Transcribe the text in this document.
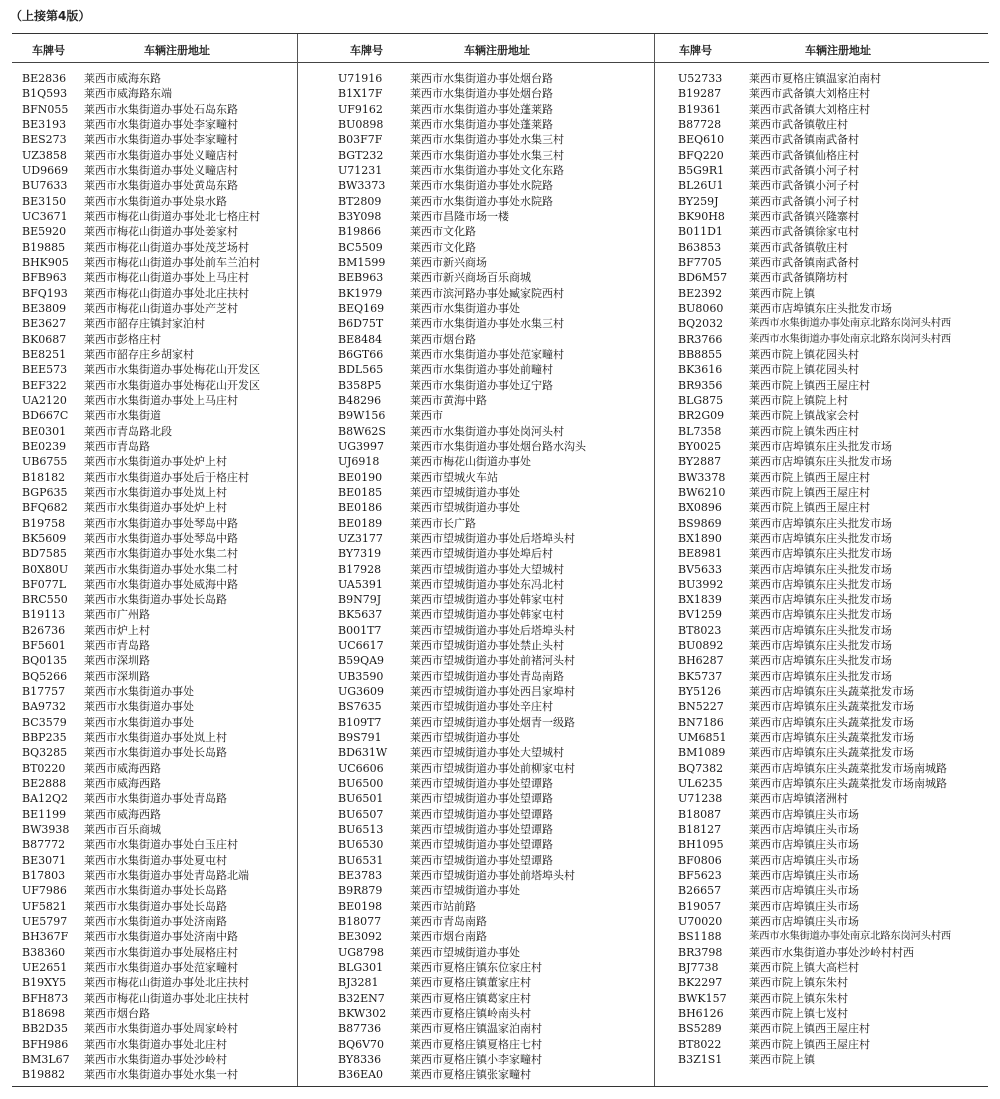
（上接第4版）
车牌号	车辆注册地址
BE2836 莱西市威海东路
B1Q593 莱西市威海路东端
BFN055 莱西市水集街道办事处石岛东路
BE3193 莱西市水集街道办事处李家疃村
BES273 莱西市水集街道办事处李家疃村
UZ3858 莱西市水集街道办事处义疃店村
UD9669 莱西市水集街道办事处义疃店村
BU7633 莱西市水集街道办事处黄岛东路
BE3150 莱西市水集街道办事处泉水路
UC3671 莱西市梅花山街道办事处北七格庄村
BE5920 莱西市梅花山街道办事处姜家村
B19885 莱西市梅花山街道办事处茂芝场村
BHK905 莱西市梅花山街道办事处前车兰泊村
BFB963 莱西市梅花山街道办事处上马庄村
BFQ193 莱西市梅花山街道办事处北庄扶村
BE3809 莱西市梅花山街道办事处产芝村
BE3627 莱西市韶存庄镇封家泊村
BK0687 莱西市彭格庄村
BE8251 莱西市韶存庄乡胡家村
BEE573 莱西市水集街道办事处梅花山开发区
BEF322 莱西市水集街道办事处梅花山开发区
UA2120 莱西市水集街道办事处上马庄村
BD667C 莱西市水集街道
BE0301 莱西市青岛路北段
BE0239 莱西市青岛路
UB6755 莱西市水集街道办事处炉上村
B18182 莱西市水集街道办事处后于格庄村
BGP635 莱西市水集街道办事处岚上村
BFQ682 莱西市水集街道办事处炉上村
B19758 莱西市水集街道办事处琴岛中路
BK5609 莱西市水集街道办事处琴岛中路
BD7585 莱西市水集街道办事处水集二村
B0X80U 莱西市水集街道办事处水集二村
BF077L 莱西市水集街道办事处威海中路
BRC550 莱西市水集街道办事处长岛路
B19113 莱西市广州路
B26736 莱西市炉上村
BF5601 莱西市青岛路
BQ0135 莱西市深圳路
BQ5266 莱西市深圳路
B17757 莱西市水集街道办事处
BA9732 莱西市水集街道办事处
BC3579 莱西市水集街道办事处
BBP235 莱西市水集街道办事处岚上村
BQ3285 莱西市水集街道办事处长岛路
BT0220 莱西市威海西路
BE2888 莱西市威海西路
BA12Q2 莱西市水集街道办事处青岛路
BE1199 莱西市威海西路
BW3938 莱西市百乐商城
B87772 莱西市水集街道办事处白玉庄村
BE3071 莱西市水集街道办事处夏屯村
B17803 莱西市水集街道办事处青岛路北端
UF7986 莱西市水集街道办事处长岛路
UF5821 莱西市水集街道办事处长岛路
UE5797 莱西市水集街道办事处济南路
BH367F 莱西市水集街道办事处济南中路
B38360 莱西市水集街道办事处展格庄村
UE2651 莱西市水集街道办事处范家疃村
B19XY5 莱西市梅花山街道办事处北庄扶村
BFH873 莱西市梅花山街道办事处北庄扶村
B18698 莱西市烟台路
BB2D35 莱西市水集街道办事处周家岭村
BFH986 莱西市水集街道办事处北庄村
BM3L67 莱西市水集街道办事处沙岭村
B19882 莱西市水集街道办事处水集一村
车牌号	车辆注册地址
U71916	莱西市水集街道办事处烟台路
B1X17F 莱西市水集街道办事处烟台路
UF9162 莱西市水集街道办事处蓬莱路
BU0898 莱西市水集街道办事处蓬莱路
B03F7F	莱西市水集街道办事处水集三村
BGT232 莱西市水集街道办事处水集三村
U71231	莱西市水集街道办事处文化东路
BW3373 莱西市水集街道办事处水院路
BT2809	莱西市水集街道办事处水院路
B3Y098	莱西市昌隆市场一楼
B19866	莱西市文化路
BC5509 莱西市文化路
BM1599 莱西市新兴商场
BEB963 莱西市新兴商场百乐商城
BK1979	莱西市滨河路办事处臧家院西村
BEQ169 莱西市水集街道办事处
B6D75T 莱西市水集街道办事处水集三村
BE8484	莱西市烟台路
B6GT66 莱西市水集街道办事处范家疃村
BDL565 莱西市水集街道办事处前疃村
B358P5	莱西市水集街道办事处辽宁路
B48296	莱西市黄海中路
B9W156 莱西市
B8W62S 莱西市水集街道办事处岗河头村
UG3997 莱西市水集街道办事处烟台路水沟头
UJ6918	莱西市梅花山街道办事处
BE0190	莱西市望城火车站
BE0185	莱西市望城街道办事处
BE0186	莱西市望城街道办事处
BE0189	莱西市长广路
UZ3177 莱西市望城街道办事处后塔埠头村
BY7319	莱西市望城街道办事处埠后村
B17928	莱西市望城街道办事处大望城村
UA5391 莱西市望城街道办事处东冯北村
B9N79J	莱西市望城街道办事处韩家屯村
BK5637	莱西市望城街道办事处韩家屯村
B001T7	莱西市望城街道办事处后塔埠头村
UC6617 莱西市望城街道办事处禁止头村
B59QA9 莱西市望城街道办事处前褚河头村
UB3590 莱西市望城街道办事处青岛南路
UG3609 莱西市望城街道办事处西吕家埠村
BS7635	莱西市望城街道办事处辛庄村
B109T7	莱西市望城街道办事处烟青一级路
B9S791	莱西市望城街道办事处
BD631W 莱西市望城街道办事处大望城村
UC6606 莱西市望城街道办事处前柳家屯村
BU6500 莱西市望城街道办事处望谭路
BU6501 莱西市望城街道办事处望谭路
BU6507 莱西市望城街道办事处望谭路
BU6513 莱西市望城街道办事处望谭路
BU6530 莱西市望城街道办事处望谭路
BU6531 莱西市望城街道办事处望谭路
BE3783	莱西市望城街道办事处前塔埠头村
B9R879	莱西市望城街道办事处
BE0198	莱西市站前路
B18077	莱西市青岛南路
BE3092	莱西市烟台南路
UG8798 莱西市望城街道办事处
BLG301 莱西市夏格庄镇东位家庄村
BJ3281	莱西市夏格庄镇董家庄村
B32EN7 莱西市夏格庄镇葛家庄村
BKW302 莱西市夏格庄镇岭南头村
B87736	莱西市夏格庄镇温家泊南村
BQ6V70 莱西市夏格庄镇夏格庄七村
BY8336	莱西市夏格庄镇小李家疃村
B36EA0 莱西市夏格庄镇张家疃村
车牌号	车辆注册地址
U52733 莱西市夏格庄镇温家泊南村
B19287	莱西市武备镇大刘格庄村
B19361	莱西市武备镇大刘格庄村
B87728	莱西市武备镇敬庄村
BEQ610 莱西市武备镇南武备村
BFQ220 莱西市武备镇仙格庄村
B5G9R1 莱西市武备镇小河子村
BL26U1 莱西市武备镇小河子村
BY259J	莱西市武备镇小河子村
BK90H8 莱西市武备镇兴隆寨村
B011D1 莱西市武备镇徐家屯村
B63853	莱西市武备镇敬庄村
BF7705 莱西市武备镇南武备村
BD6M57 莱西市武备镇隋坊村
BE2392 莱西市院上镇
BU8060 莱西市店埠镇东庄头批发市场
BQ2032 莱西市水集街道办事处南京北路东岗河头村西
BR3766	莱西市水集街道办事处南京北路东岗河头村西
BB8855 莱西市院上镇花园头村
BK3616 莱西市院上镇花园头村
BR9356 莱西市院上镇西王屋庄村
BLG875 莱西市院上镇院上村
BR2G09 莱西市院上镇战家会村
BL7358	莱西市院上镇朱西庄村
BY0025	莱西市店埠镇东庄头批发市场
BY2887	莱西市店埠镇东庄头批发市场
BW3378 莱西市院上镇西王屋庄村
BW6210 莱西市院上镇西王屋庄村
BX0896 莱西市院上镇西王屋庄村
BS9869 莱西市店埠镇东庄头批发市场
BX1890 莱西市店埠镇东庄头批发市场
BE8981 莱西市店埠镇东庄头批发市场
BV5633 莱西市店埠镇东庄头批发市场
BU3992 莱西市店埠镇东庄头批发市场
BX1839 莱西市店埠镇东庄头批发市场
BV1259 莱西市店埠镇东庄头批发市场
BT8023	莱西市店埠镇东庄头批发市场
BU0892 莱西市店埠镇东庄头批发市场
BH6287 莱西市店埠镇东庄头批发市场
BK5737 莱西市店埠镇东庄头批发市场
BY5126	莱西市店埠镇东庄头蔬菜批发市场
BN5227 莱西市店埠镇东庄头蔬菜批发市场
BN7186 莱西市店埠镇东庄头蔬菜批发市场
UM6851 莱西市店埠镇东庄头蔬菜批发市场
BM1089 莱西市店埠镇东庄头蔬菜批发市场
BQ7382 莱西市店埠镇东庄头蔬菜批发市场南城路
UL6235 莱西市店埠镇东庄头蔬菜批发市场南城路
U71238 莱西市店埠镇渚洲村
B18087	莱西市店埠镇庄头市场
B18127	莱西市店埠镇庄头市场
BH1095 莱西市店埠镇庄头市场
BF0806 莱西市店埠镇庄头市场
BF5623 莱西市店埠镇庄头市场
B26657	莱西市店埠镇庄头市场
B19057	莱西市店埠镇庄头市场
U70020 莱西市店埠镇庄头市场
BS1188	莱西市水集街道办事处南京北路东岗河头村西
BR3798 莱西市水集街道办事处沙岭村村西
BJ7738	莱西市院上镇大高栏村
BK2297 莱西市院上镇东朱村
BWK157 莱西市院上镇东朱村
BH6126 莱西市院上镇七岌村
BS5289 莱西市院上镇西王屋庄村
BT8022	莱西市院上镇西王屋庄村
B3Z1S1 莱西市院上镇
